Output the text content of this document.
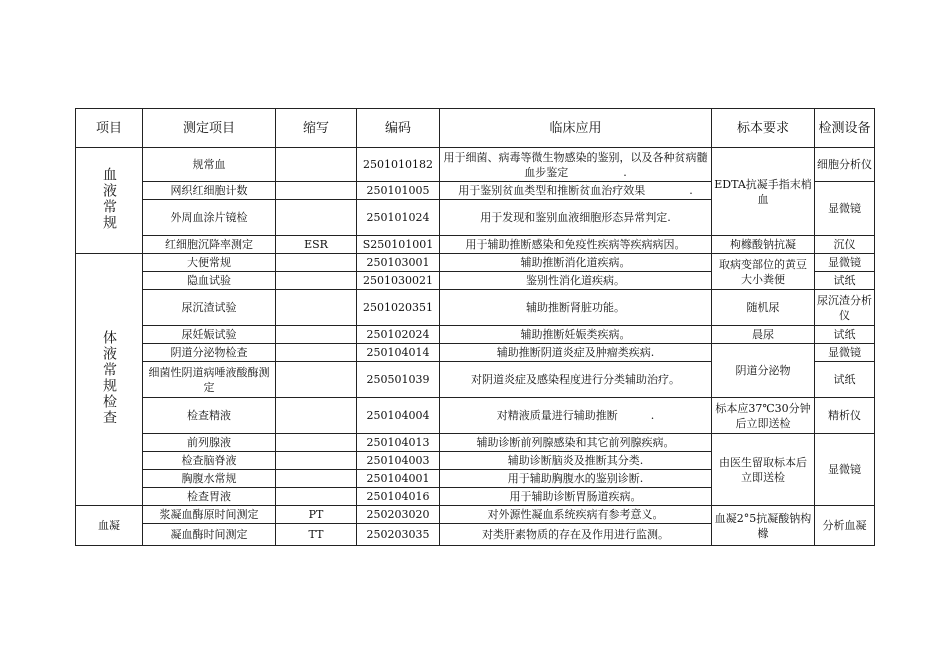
项目	测定项目	缩写	编码	临床应用	标本要求	检测设备
血液常规	规常血		2501010182	用于细菌、病毒等微生物感染的鉴别，以及各种贫病髓血步鉴定　　　　　.	EDTA抗凝手指末梢血	细胞分析仪
	网织红细胞计数		250101005	用于鉴别贫血类型和推断贫血治疗效果　　　　.		显微镜
	外周血涂片镜检		250101024	用于发现和鉴别血液细胞形态异常判定.		
	红细胞沉降率测定	ESR	S250101001	用于辅助推断感染和免疫性疾病等疾病病因。	枸橼酸钠抗凝	沉仪
体液常规检查	大便常规		250103001	辅助推断消化道疾病。	取病变部位的黄豆大小粪便	显微镜
	隐血试验		2501030021	鉴别性消化道疾病。		试纸
	尿沉渣试验		2501020351	辅助推断肾脏功能。	随机尿	尿沉渣分析仪
	尿妊娠试验		250102024	辅助推断妊娠类疾病。	晨尿	试纸
	阴道分泌物检查		250104014	辅助推断阴道炎症及肿瘤类疾病.	阴道分泌物	显微镜
	细菌性阴道病唾液酸酶测定		250501039	对阴道炎症及感染程度进行分类辅助治疗。		试纸
	检查精液		250104004	对精液质量进行辅助推断　　　.	标本应37℃30分钟后立即送检	精析仪
	前列腺液		250104013	辅助诊断前列腺感染和其它前列腺疾病。	由医生留取标本后立即送检	显微镜
	检查脑脊液		250104003	辅助诊断脑炎及推断其分类.		
	胸腹水常规		250104001	用于辅助胸腹水的鉴别诊断.		
	检查胃液		250104016	用于辅助诊断胃肠道疾病。		
血凝	浆凝血酶原时间测定	PT	250203020	对外源性凝血系统疾病有参考意义。	血凝2°5抗凝酸钠构橼	分析血凝
	凝血酶时间测定	TT	250203035	对类肝素物质的存在及作用进行监测。		
